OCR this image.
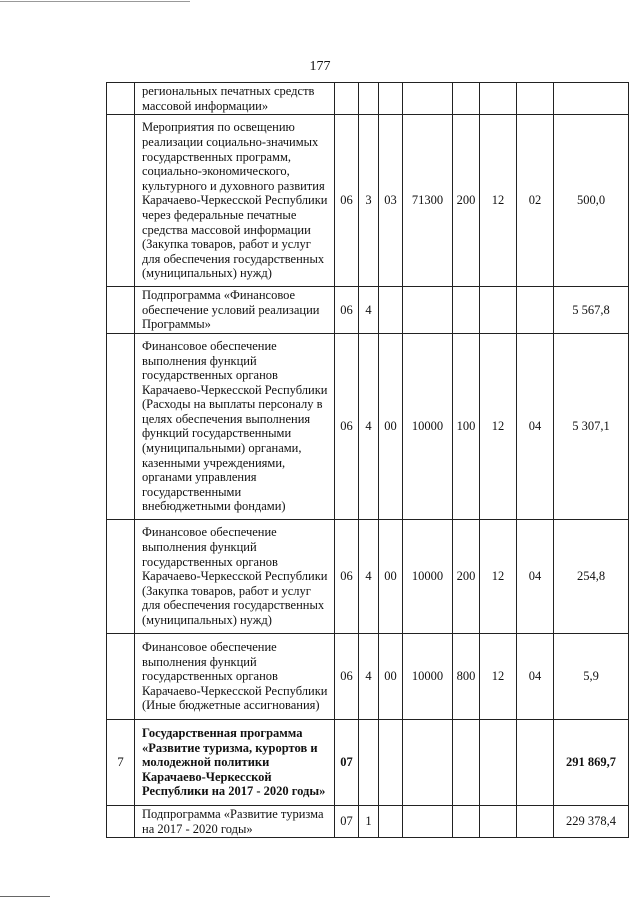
177
	региональных печатных средств массовой информации»								
	Мероприятия по освещению реализации социально-значимых государственных программ, социально-экономического, культурного и духовного развития Карачаево-Черкесской Республики через федеральные печатные средства массовой информации (Закупка товаров, работ и услуг для обеспечения государственных (муниципальных) нужд)	06	3	03	71300	200	12	02	500,0
	Подпрограмма «Финансовое обеспечение условий реализации Программы»	06	4						5 567,8
	Финансовое обеспечение выполнения функций государственных органов Карачаево-Черкесской Республики (Расходы на выплаты персоналу в целях обеспечения выполнения функций государственными (муниципальными) органами, казенными учреждениями, органами управления государственными внебюджетными фондами)	06	4	00	10000	100	12	04	5 307,1
	Финансовое обеспечение выполнения функций государственных органов Карачаево-Черкесской Республики (Закупка товаров, работ и услуг для обеспечения государственных (муниципальных) нужд)	06	4	00	10000	200	12	04	254,8
	Финансовое обеспечение выполнения функций государственных органов Карачаево-Черкесской Республики (Иные бюджетные ассигнования)	06	4	00	10000	800	12	04	5,9
7	Государственная программа «Развитие туризма, курортов и молодежной политики Карачаево-Черкесской Республики на 2017 - 2020 годы»	07							291 869,7
	Подпрограмма «Развитие туризма на 2017 - 2020 годы»	07	1						229 378,4
